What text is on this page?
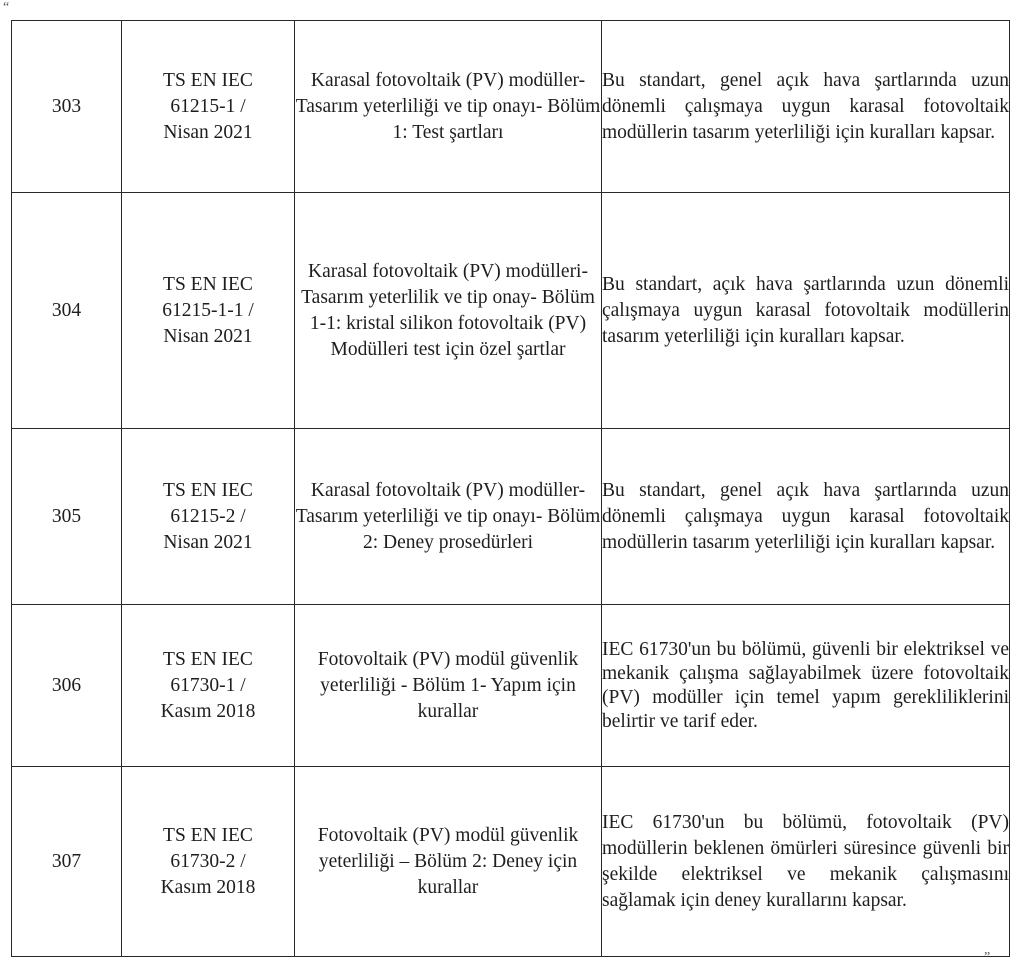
“
303	TS EN IEC
61215-1 /
Nisan 2021	Karasal fotovoltaik (PV) modüller-Tasarım yeterliliği ve tip onayı- Bölüm 1: Test şartları	Bu standart, genel açık hava şartlarında uzun dönemli çalışmaya uygun karasal fotovoltaik modüllerin tasarım yeterliliği için kuralları kapsar.
304	TS EN IEC
61215-1-1 /
Nisan 2021	Karasal fotovoltaik (PV) modülleri-Tasarım yeterlilik ve tip onay- Bölüm 1-1: kristal silikon fotovoltaik (PV) Modülleri test için özel şartlar	Bu standart, açık hava şartlarında uzun dönemli çalışmaya uygun karasal fotovoltaik modüllerin tasarım yeterliliği için kuralları kapsar.
305	TS EN IEC
61215-2 /
Nisan 2021	Karasal fotovoltaik (PV) modüller-Tasarım yeterliliği ve tip onayı- Bölüm 2: Deney prosedürleri	Bu standart, genel açık hava şartlarında uzun dönemli çalışmaya uygun karasal fotovoltaik modüllerin tasarım yeterliliği için kuralları kapsar.
306	TS EN IEC
61730-1 /
Kasım 2018	Fotovoltaik (PV) modül güvenlik yeterliliği - Bölüm 1- Yapım için kurallar	IEC 61730'un bu bölümü, güvenli bir elektriksel ve mekanik çalışma sağlayabilmek üzere fotovoltaik (PV) modüller için temel yapım gerekliliklerini belirtir ve tarif eder.
307	TS EN IEC
61730-2 /
Kasım 2018	Fotovoltaik (PV) modül güvenlik yeterliliği – Bölüm 2: Deney için kurallar	IEC 61730'un bu bölümü, fotovoltaik (PV) modüllerin beklenen ömürleri süresince güvenli bir şekilde elektriksel ve mekanik çalışmasını sağlamak için deney kurallarını kapsar.
”
